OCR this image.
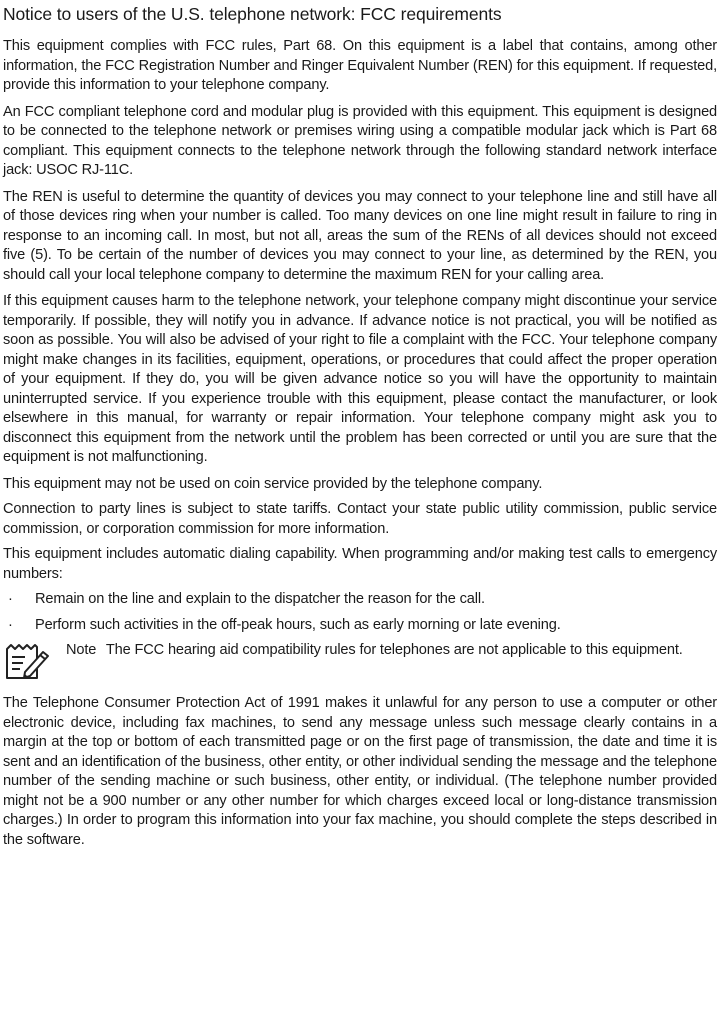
Notice to users of the U.S. telephone network: FCC requirements

This equipment complies with FCC rules, Part 68. On this equipment is a label that contains, among other information, the FCC Registration Number and Ringer Equivalent Number (REN) for this equipment. If requested, provide this information to your telephone company.

An FCC compliant telephone cord and modular plug is provided with this equipment. This equipment is designed to be connected to the telephone network or premises wiring using a compatible modular jack which is Part 68 compliant. This equipment connects to the telephone network through the following standard network interface jack: USOC RJ-11C.

The REN is useful to determine the quantity of devices you may connect to your telephone line and still have all of those devices ring when your number is called. Too many devices on one line might result in failure to ring in response to an incoming call. In most, but not all, areas the sum of the RENs of all devices should not exceed five (5). To be certain of the number of devices you may connect to your line, as determined by the REN, you should call your local telephone company to determine the maximum REN for your calling area.

If this equipment causes harm to the telephone network, your telephone company might discontinue your service temporarily. If possible, they will notify you in advance. If advance notice is not practical, you will be notified as soon as possible. You will also be advised of your right to file a complaint with the FCC. Your telephone company might make changes in its facilities, equipment, operations, or procedures that could affect the proper operation of your equipment. If they do, you will be given advance notice so you will have the opportunity to maintain uninterrupted service. If you experience trouble with this equipment, please contact the manufacturer, or look elsewhere in this manual, for warranty or repair information. Your telephone company might ask you to disconnect this equipment from the network until the problem has been corrected or until you are sure that the equipment is not malfunctioning.

This equipment may not be used on coin service provided by the telephone company.

Connection to party lines is subject to state tariffs. Contact your state public utility commission, public service commission, or corporation commission for more information.

This equipment includes automatic dialing capability. When programming and/or making test calls to emergency numbers:

· Remain on the line and explain to the dispatcher the reason for the call.
· Perform such activities in the off-peak hours, such as early morning or late evening.
Note The FCC hearing aid compatibility rules for telephones are not applicable to this equipment.

The Telephone Consumer Protection Act of 1991 makes it unlawful for any person to use a computer or other electronic device, including fax machines, to send any message unless such message clearly contains in a margin at the top or bottom of each transmitted page or on the first page of transmission, the date and time it is sent and an identification of the business, other entity, or other individual sending the message and the telephone number of the sending machine or such business, other entity, or individual. (The telephone number provided might not be a 900 number or any other number for which charges exceed local or long-distance transmission charges.) In order to program this information into your fax machine, you should complete the steps described in the software.
